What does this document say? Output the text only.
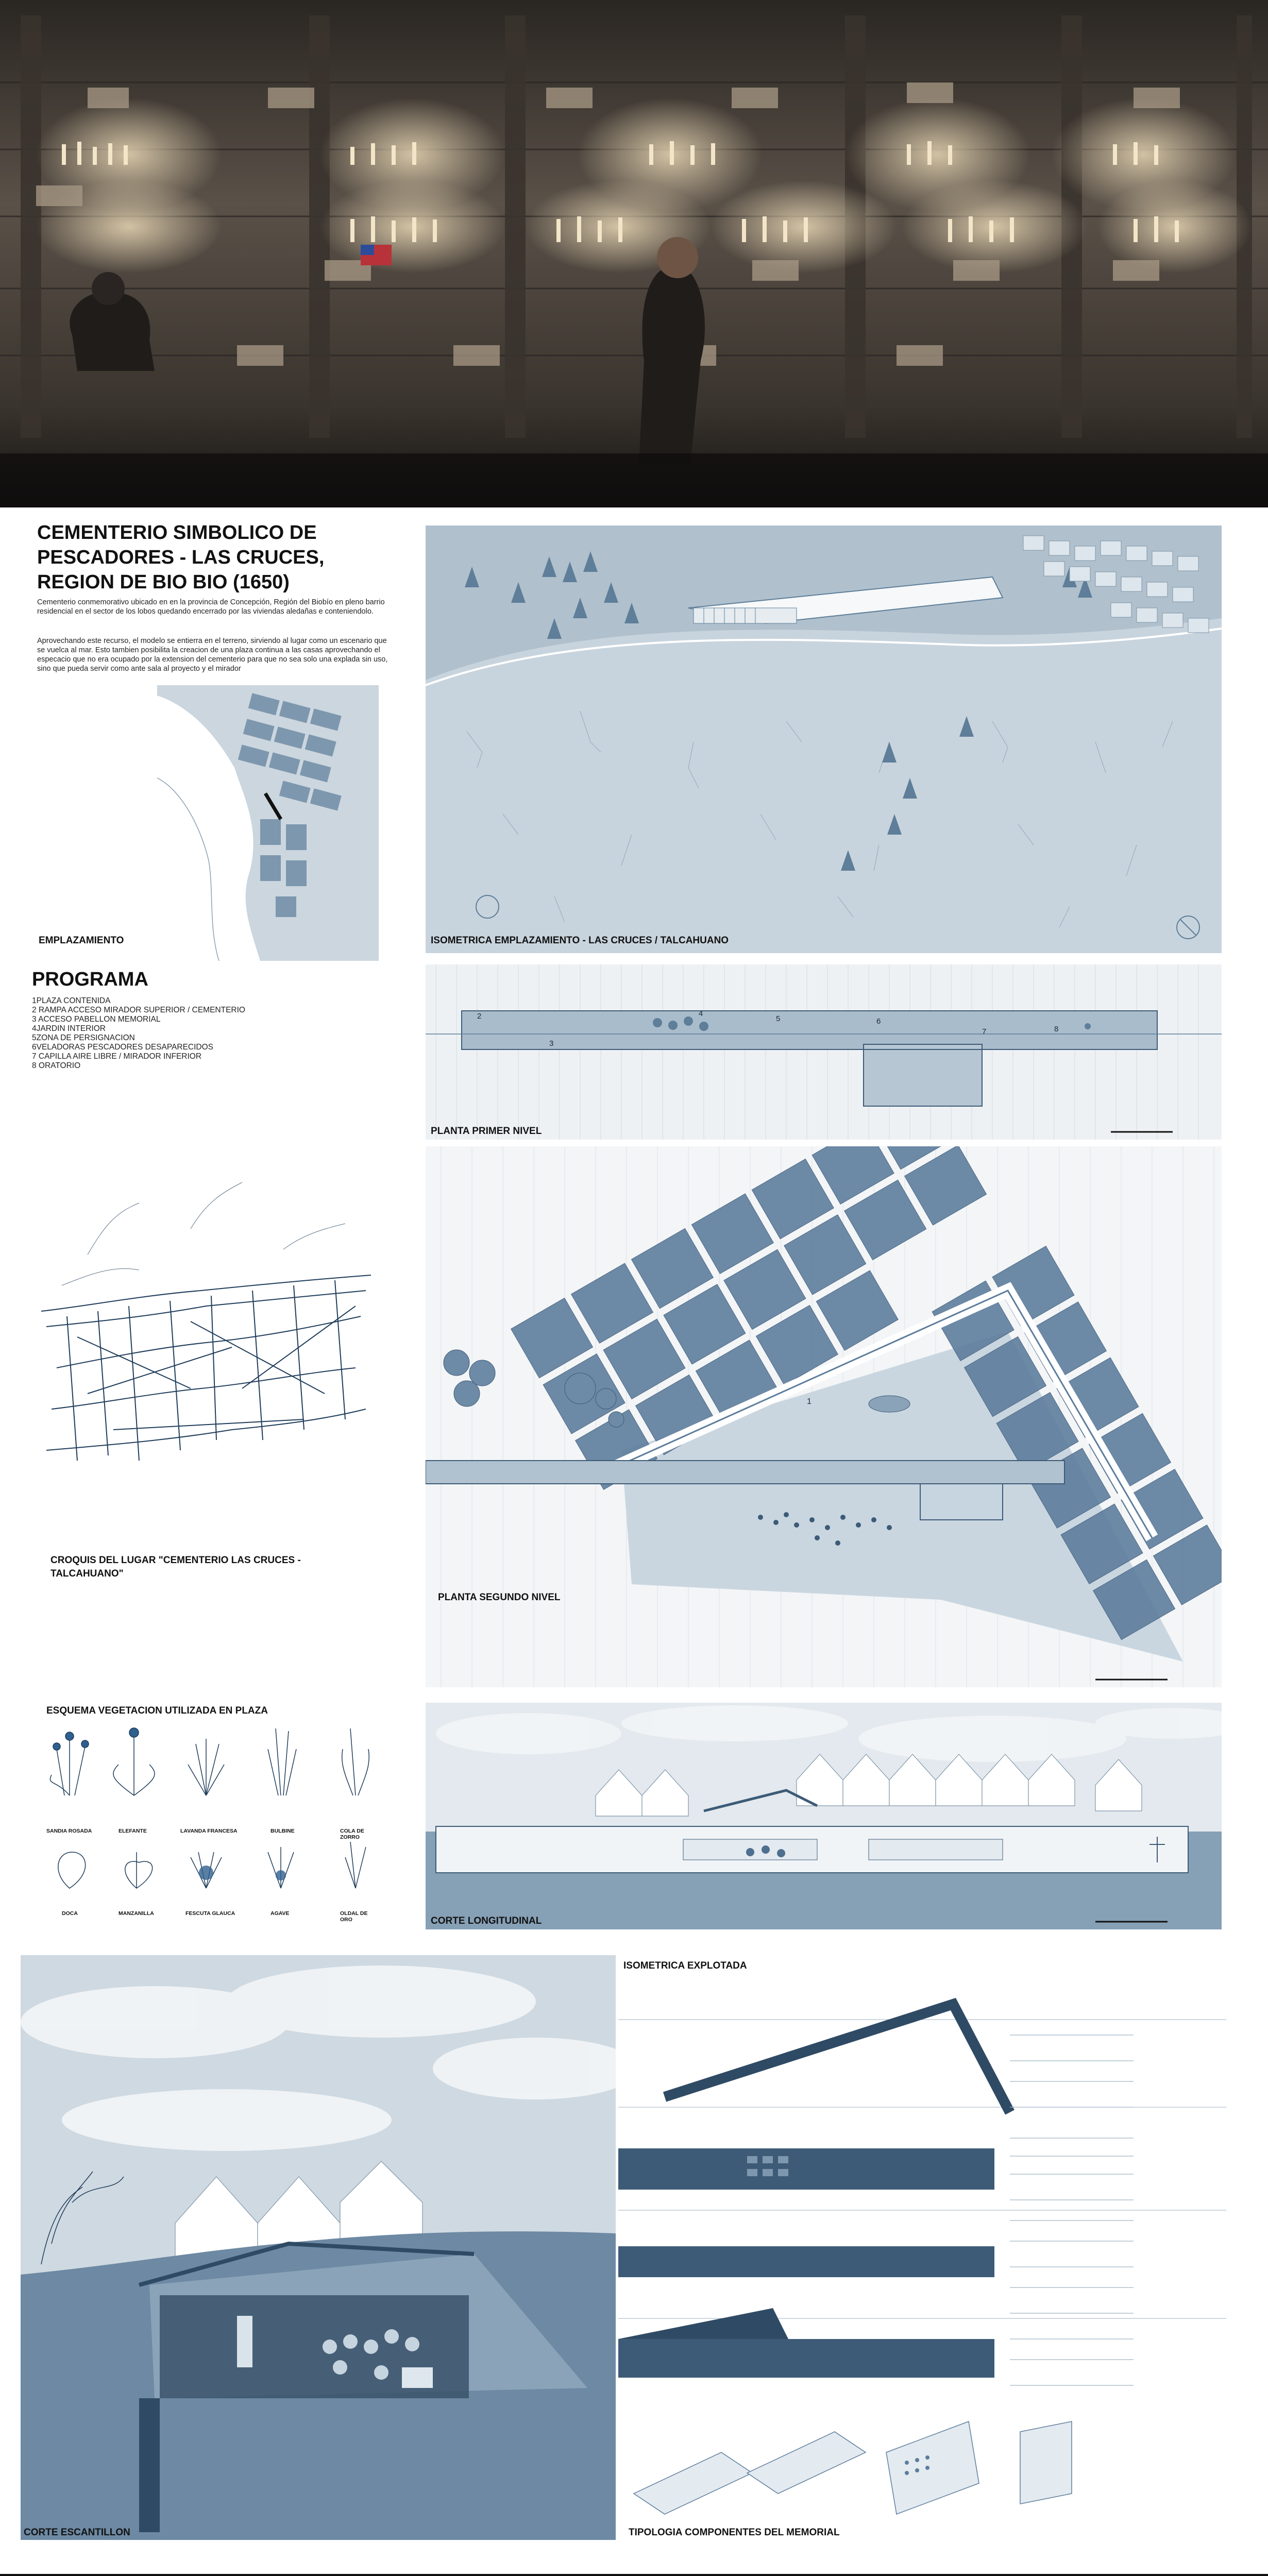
CEMENTERIO SIMBOLICO DE PESCADORES - LAS CRUCES, REGION DE BIO BIO (1650)
Cementerio conmemorativo ubicado en en la provincia de Concepción, Región del Biobío en pleno barrio residencial en el sector de los lobos quedando encerrado por las viviendas aledañas e conteniendolo.
Aprovechando este recurso, el modelo se entierra en el terreno, sirviendo al lugar como un escenario que se vuelca al mar. Esto tambien posibilita la creacion de una plaza continua a las casas aprovechando el especacio que no era ocupado por la extension del cementerio para que no sea solo una explada sin uso, sino que pueda servir como ante sala al proyecto y el mirador
EMPLAZAMIENTO	ISOMETRICA EMPLAZAMIENTO - LAS CRUCES / TALCAHUANO
PROGRAMA
1PLAZA CONTENIDA
2 RAMPA ACCESO MIRADOR SUPERIOR / CEMENTERIO
3 ACCESO PABELLON MEMORIAL
4JARDIN INTERIOR
5ZONA DE PERSIGNACION
6VELADORAS PESCADORES DESAPARECIDOS
7 CAPILLA AIRE LIBRE / MIRADOR INFERIOR
8 ORATORIO
2
3
4
5	6
7	8
PLANTA PRIMER NIVEL
CROQUIS DEL LUGAR "CEMENTERIO LAS CRUCES -
TALCAHUANO"
1
PLANTA SEGUNDO NIVEL
ESQUEMA VEGETACION UTILIZADA EN PLAZA
SANDIA ROSADA	ELEFANTE	LAVANDA FRANCESA	BULBINE	COLA DE ZORRO
DOCA	MANZANILLA	FESCUTA GLAUCA	AGAVE	OLDAL DE ORO	CORTE LONGITUDINAL
CORTE ESCANTILLON
ISOMETRICA EXPLOTADA
TIPOLOGIA COMPONENTES DEL MEMORIAL
